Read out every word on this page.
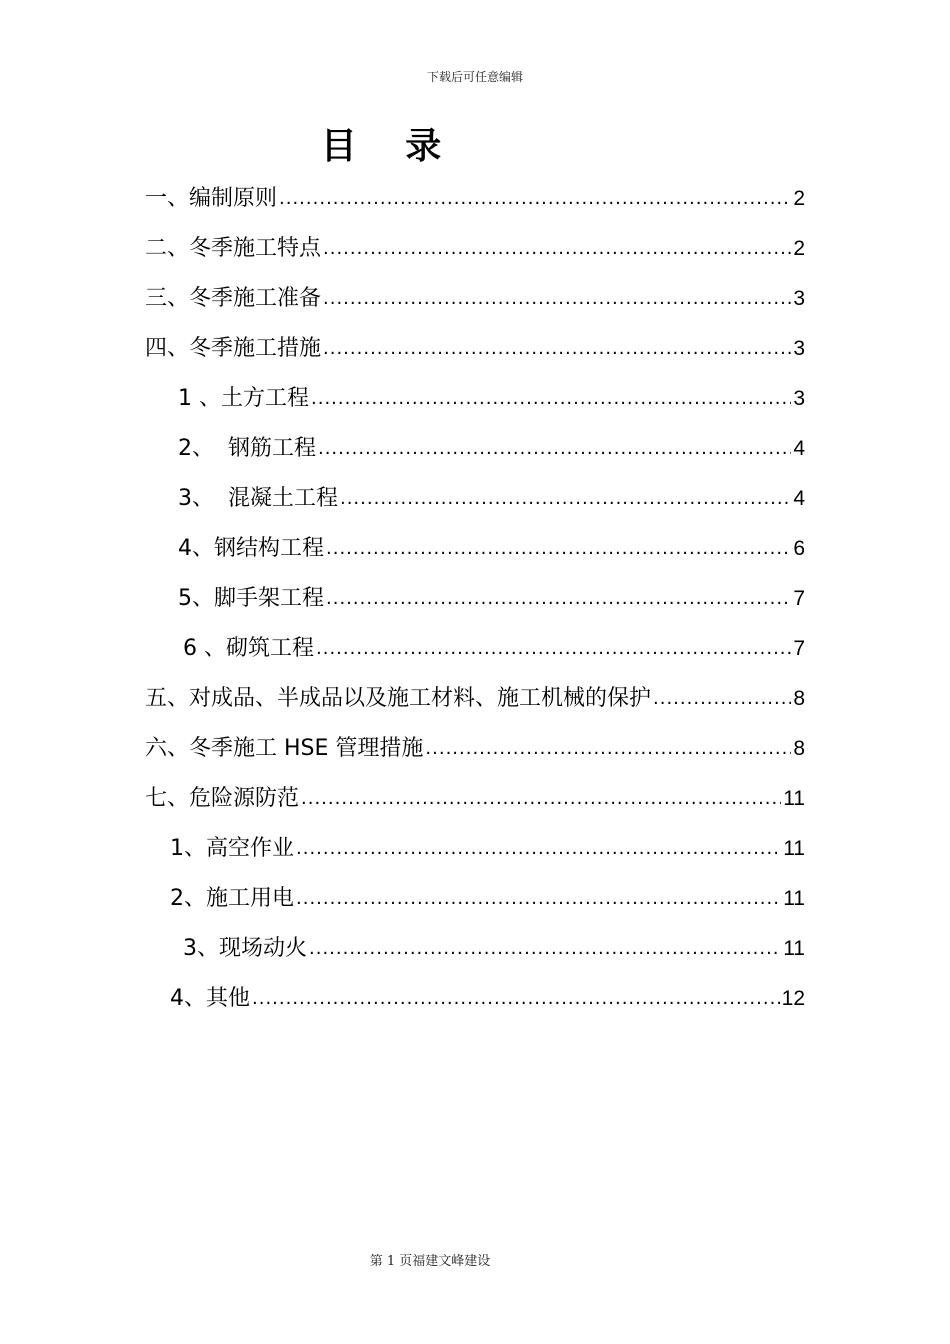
下载后可任意编辑
目 录
一、编制原则 .....	2
二、冬季施工特点 .....	2
三、冬季施工准备 .....	3
四、冬季施工措施 .....	3
1 、土方工程 .....	3
2、  钢筋工程 .....	4
3、  混凝土工程 .....	4
4、钢结构工程 .....	6
5、脚手架工程 .....	7
6 、砌筑工程 .....	7
五、对成品、半成品以及施工材料、施工机械的保护 .....	8
六、冬季施工 HSE 管理措施 .....	8
七、危险源防范 .....	11
1、高空作业 .....	11
2、施工用电 .....	11
3、现场动火 .....	11
4、其他 .....	12
第 1 页福建文峰建设
